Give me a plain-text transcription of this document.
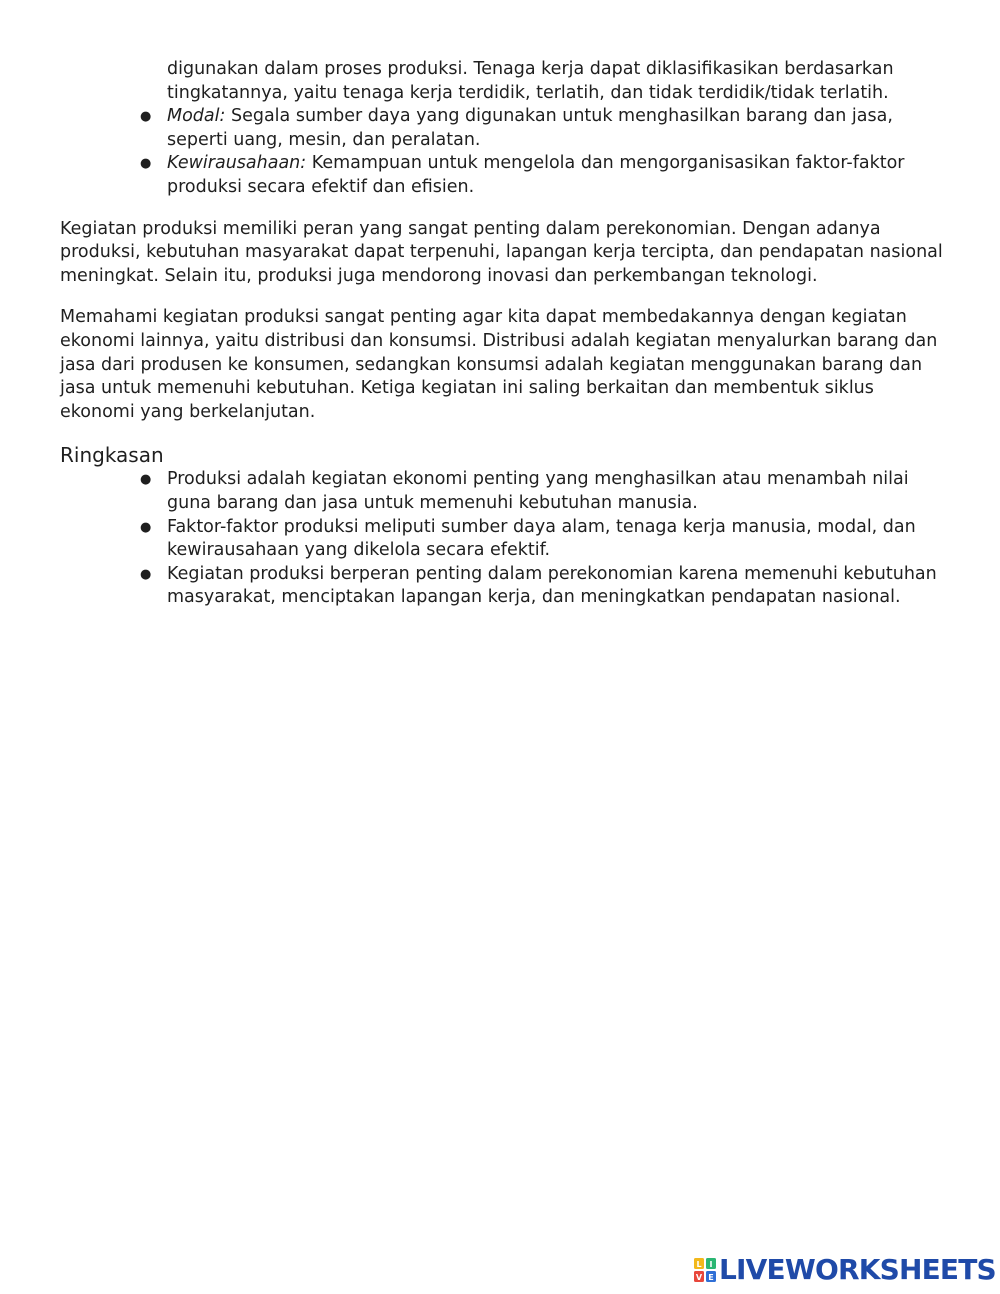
digunakan dalam proses produksi. Tenaga kerja dapat diklasifikasikan berdasarkan tingkatannya, yaitu tenaga kerja terdidik, terlatih, dan tidak terdidik/tidak terlatih.
● Modal: Segala sumber daya yang digunakan untuk menghasilkan barang dan jasa, seperti uang, mesin, dan peralatan.
● Kewirausahaan: Kemampuan untuk mengelola dan mengorganisasikan faktor-faktor produksi secara efektif dan efisien.

Kegiatan produksi memiliki peran yang sangat penting dalam perekonomian. Dengan adanya produksi, kebutuhan masyarakat dapat terpenuhi, lapangan kerja tercipta, dan pendapatan nasional meningkat. Selain itu, produksi juga mendorong inovasi dan perkembangan teknologi.

Memahami kegiatan produksi sangat penting agar kita dapat membedakannya dengan kegiatan ekonomi lainnya, yaitu distribusi dan konsumsi. Distribusi adalah kegiatan menyalurkan barang dan jasa dari produsen ke konsumen, sedangkan konsumsi adalah kegiatan menggunakan barang dan jasa untuk memenuhi kebutuhan. Ketiga kegiatan ini saling berkaitan dan membentuk siklus ekonomi yang berkelanjutan.

Ringkasan
● Produksi adalah kegiatan ekonomi penting yang menghasilkan atau menambah nilai guna barang dan jasa untuk memenuhi kebutuhan manusia.
● Faktor-faktor produksi meliputi sumber daya alam, tenaga kerja manusia, modal, dan kewirausahaan yang dikelola secara efektif.
● Kegiatan produksi berperan penting dalam perekonomian karena memenuhi kebutuhan masyarakat, menciptakan lapangan kerja, dan meningkatkan pendapatan nasional.
L I
V E LIVEWORKSHEETS
